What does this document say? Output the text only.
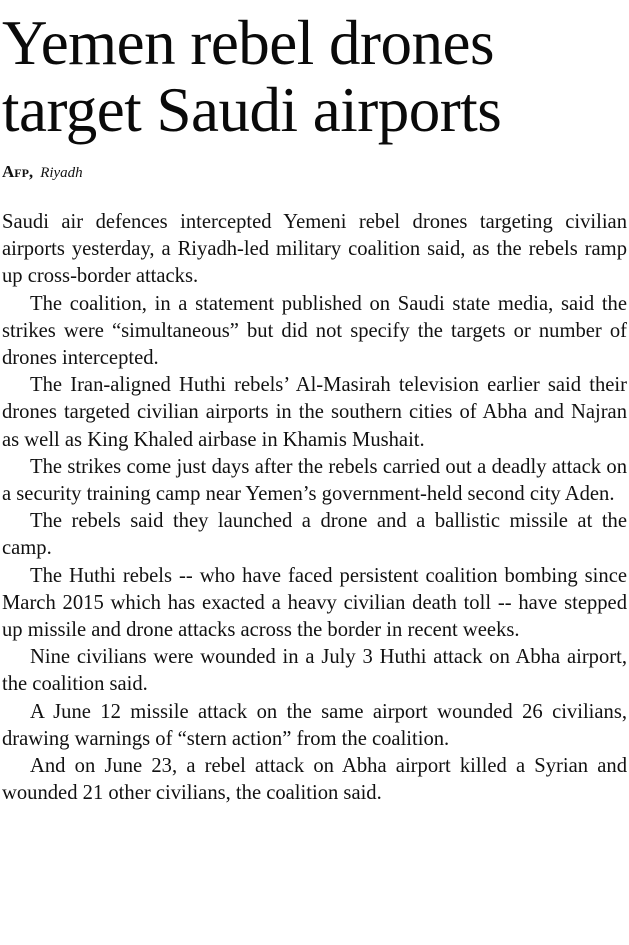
Yemen rebel drones
target Saudi airports
Afp, Riyadh

Saudi air defences intercepted Yemeni rebel drones targeting civilian airports yesterday, a Riyadh-led military coalition said, as the rebels ramp up cross-border attacks.

The coalition, in a statement published on Saudi state media, said the strikes were “simultaneous” but did not specify the targets or number of drones intercepted.

The Iran-aligned Huthi rebels’ Al-Masirah television earlier said their drones targeted civilian airports in the southern cities of Abha and Najran as well as King Khaled airbase in Khamis Mushait.

The strikes come just days after the rebels carried out a deadly attack on a security training camp near Yemen’s government-held second city Aden.

The rebels said they launched a drone and a ballistic missile at the camp.

The Huthi rebels -- who have faced persistent coalition bombing since March 2015 which has exacted a heavy civilian death toll -- have stepped up missile and drone attacks across the border in recent weeks.

Nine civilians were wounded in a July 3 Huthi attack on Abha airport, the coalition said.

A June 12 missile attack on the same airport wounded 26 civilians, drawing warnings of “stern action” from the coalition.

And on June 23, a rebel attack on Abha airport killed a Syrian and wounded 21 other civilians, the coalition said.
